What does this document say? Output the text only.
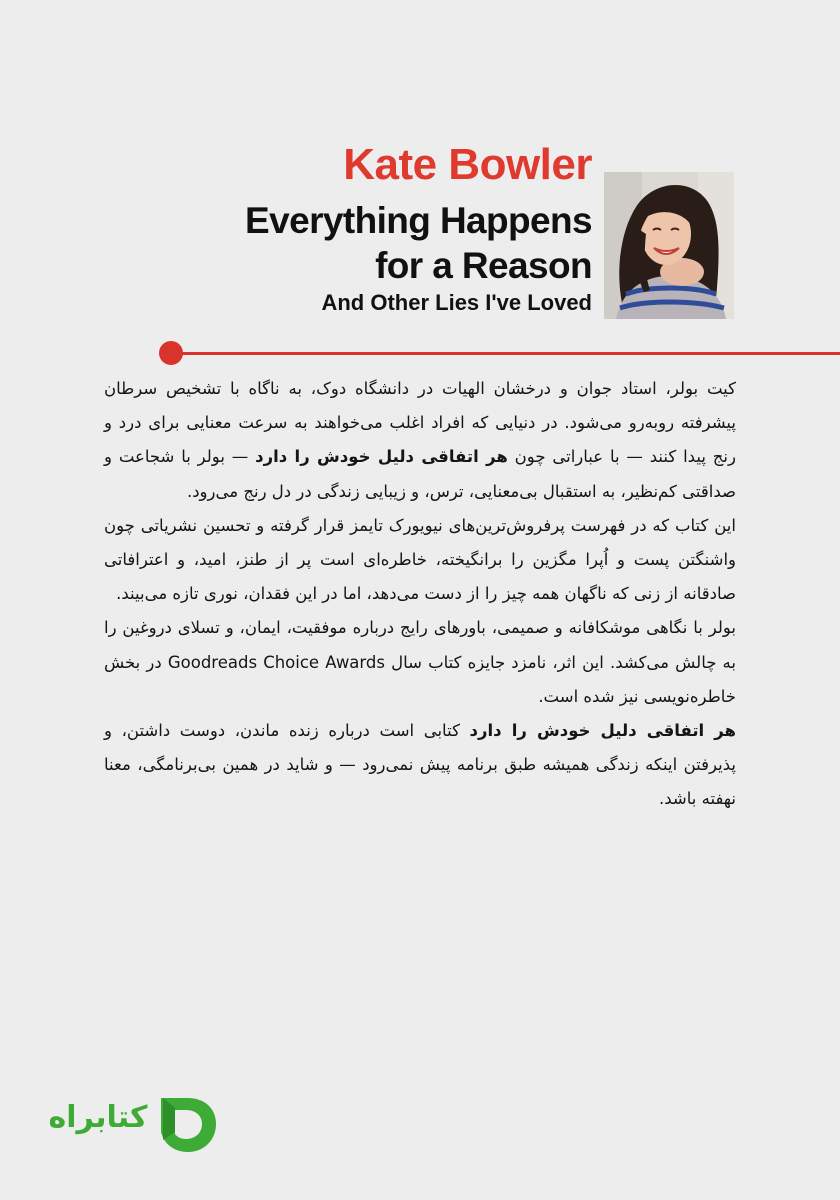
Kate Bowler
Everything Happens
for a Reason
And Other Lies I've Loved

کیت بولر، استاد جوان و درخشان الهیات در دانشگاه دوک، به ناگاه با تشخیص سرطان پیشرفته روبه‌رو می‌شود. در دنیایی که افراد اغلب می‌خواهند به سرعت معنایی برای درد و رنج پیدا کنند — با عباراتی چون هر اتفاقی دلیل خودش را دارد — بولر با شجاعت و صداقتی کم‌نظیر، به استقبال بی‌معنایی، ترس، و زیبایی زندگی در دل رنج می‌رود.

این کتاب که در فهرست پرفروش‌ترین‌های نیویورک تایمز قرار گرفته و تحسین نشریاتی چون واشنگتن پست و اُپرا مگزین را برانگیخته، خاطره‌ای است پر از طنز، امید، و اعترافاتی صادقانه از زنی که ناگهان همه چیز را از دست می‌دهد، اما در این فقدان، نوری تازه می‌بیند.

بولر با نگاهی موشکافانه و صمیمی، باورهای رایج درباره موفقیت، ایمان، و تسلای دروغین را به چالش می‌کشد. این اثر، نامزد جایزه کتاب سال Goodreads Choice Awards در بخش خاطره‌نویسی نیز شده است.

هر اتفاقی دلیل خودش را دارد کتابی است درباره زنده ماندن، دوست داشتن، و پذیرفتن اینکه زندگی همیشه طبق برنامه پیش نمی‌رود — و شاید در همین بی‌برنامگی، معنا نهفته باشد.

کتابراه
